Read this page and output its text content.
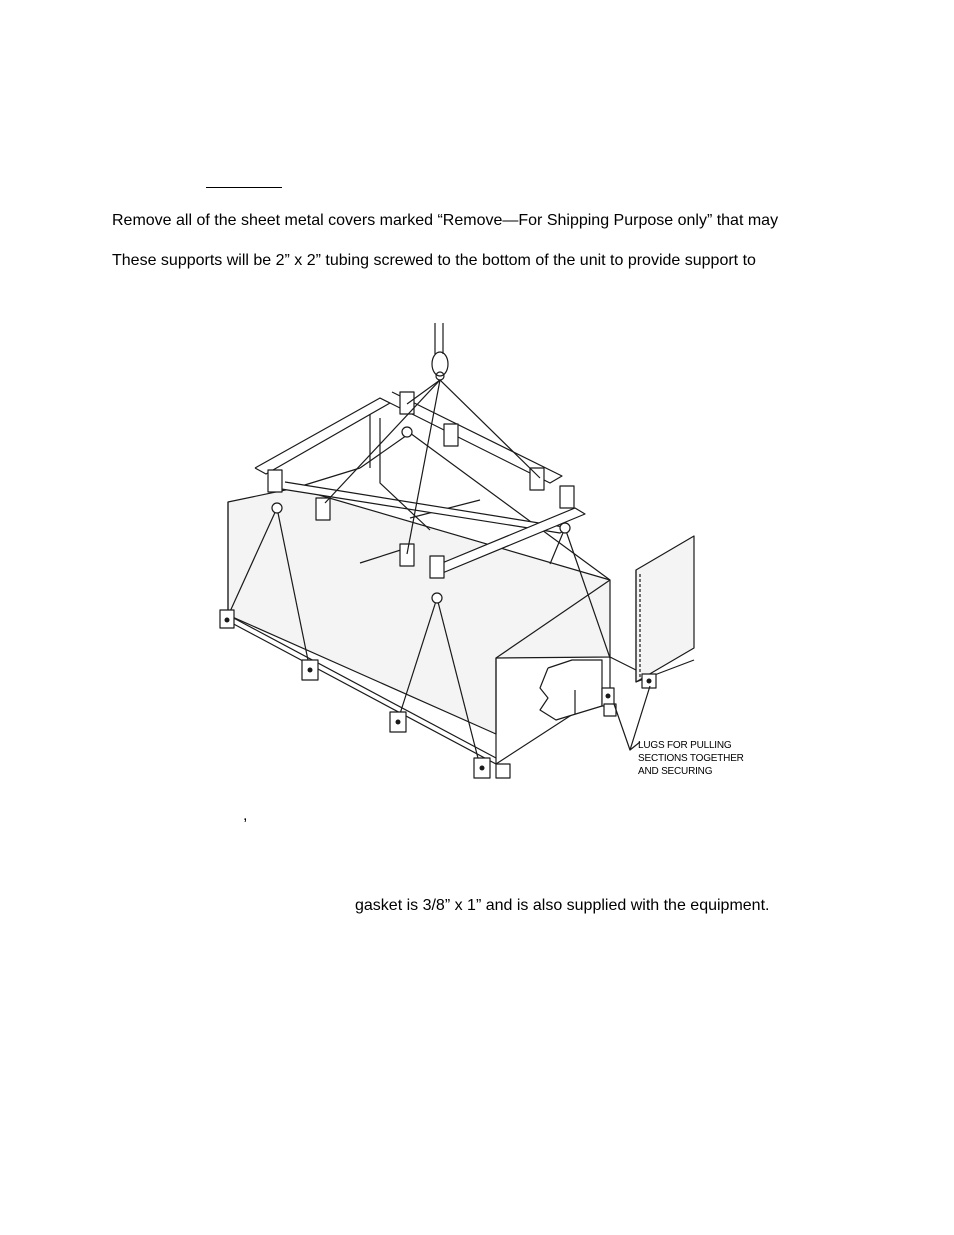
Remove all of the sheet metal covers marked “Remove—For Shipping Purpose only” that may
These supports will be 2” x 2” tubing screwed to the bottom of the unit to provide support to
LUGS FOR PULLING
SECTIONS TOGETHER
AND SECURING
,
gasket is 3/8” x 1” and is also supplied with the equipment.
